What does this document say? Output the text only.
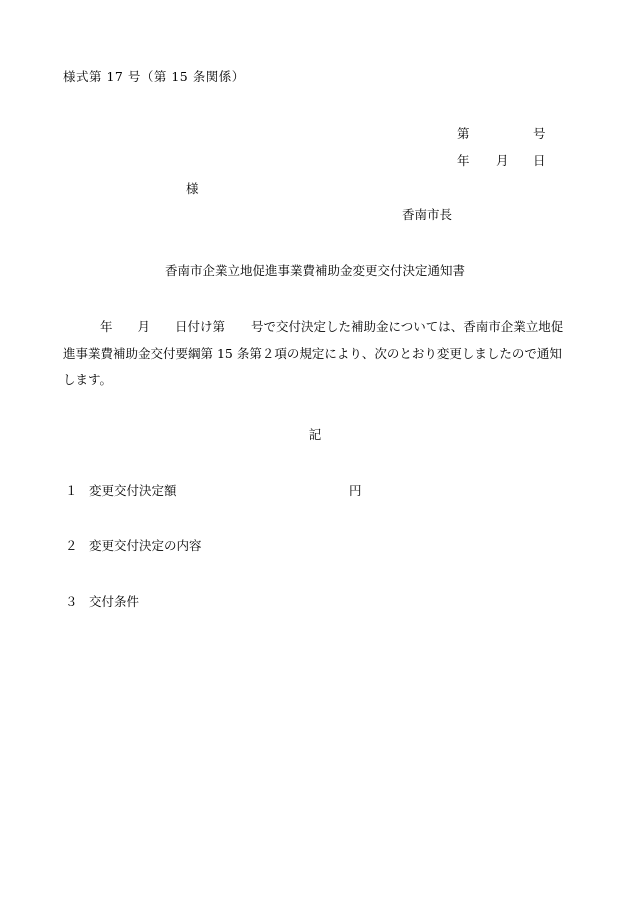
様式第 17 号（第 15 条関係）
第	号
年 月 日
様
香南市長
香南市企業立地促進事業費補助金変更交付決定通知書
年 月 日付け第 号で交付決定した補助金については、香南市企業立地促
進事業費補助金交付要綱第 15 条第２項の規定により、次のとおり変更しましたので通知
します。
記
１ 変更交付決定額	円
２ 変更交付決定の内容
３ 交付条件
